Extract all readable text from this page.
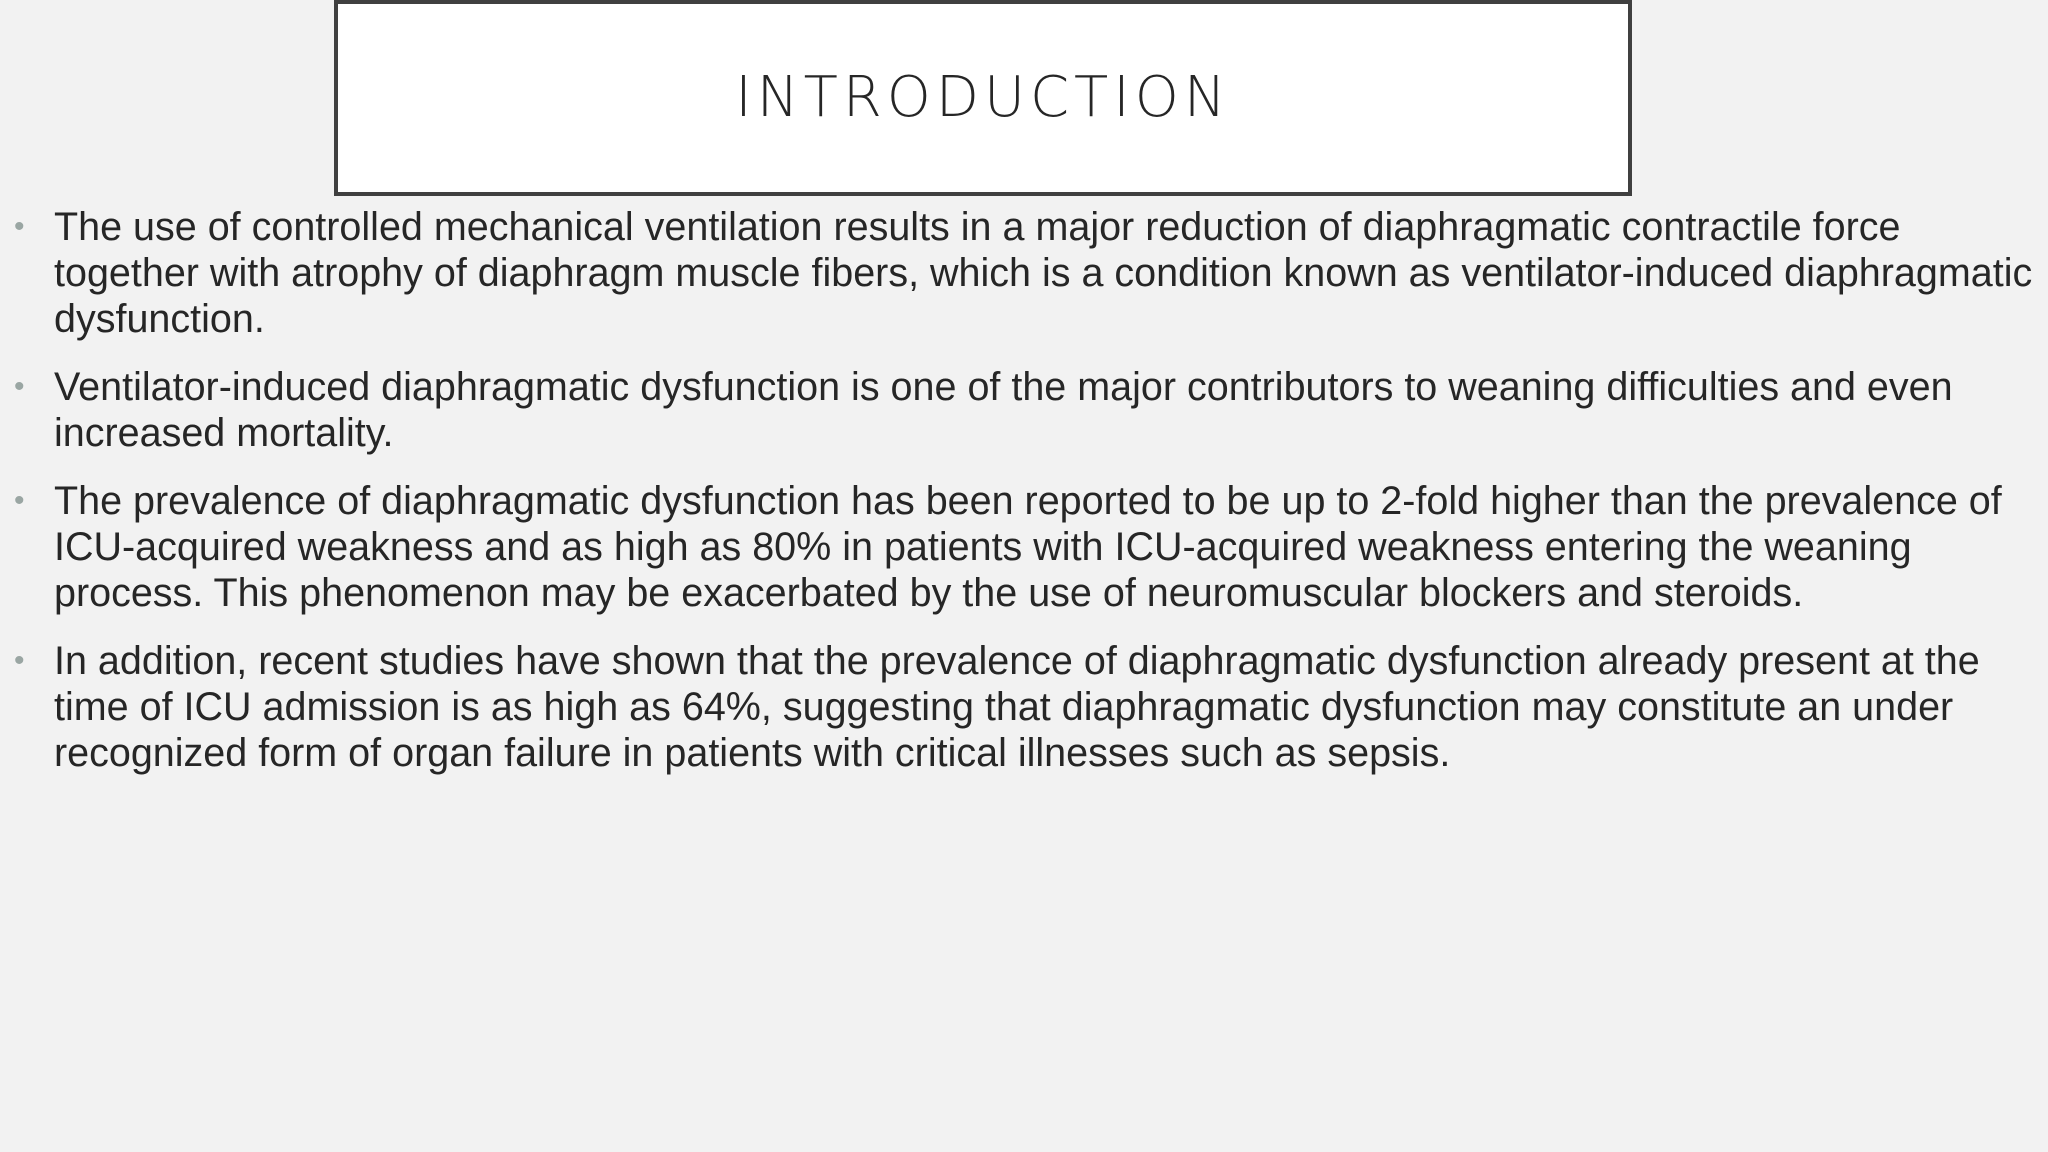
INTRODUCTION
• The use of controlled mechanical ventilation results in a major reduction of diaphragmatic contractile force together with atrophy of diaphragm muscle fibers, which is a condition known as ventilator-induced diaphragmatic dysfunction.
• Ventilator-induced diaphragmatic dysfunction is one of the major contributors to weaning difficulties and even increased mortality.
• The prevalence of diaphragmatic dysfunction has been reported to be up to 2-fold higher than the prevalence of ICU-acquired weakness and as high as 80% in patients with ICU-acquired weakness entering the weaning process. This phenomenon may be exacerbated by the use of neuromuscular blockers and steroids.
• In addition, recent studies have shown that the prevalence of diaphragmatic dysfunction already present at the time of ICU admission is as high as 64%, suggesting that diaphragmatic dysfunction may constitute an under recognized form of organ failure in patients with critical illnesses such as sepsis.
